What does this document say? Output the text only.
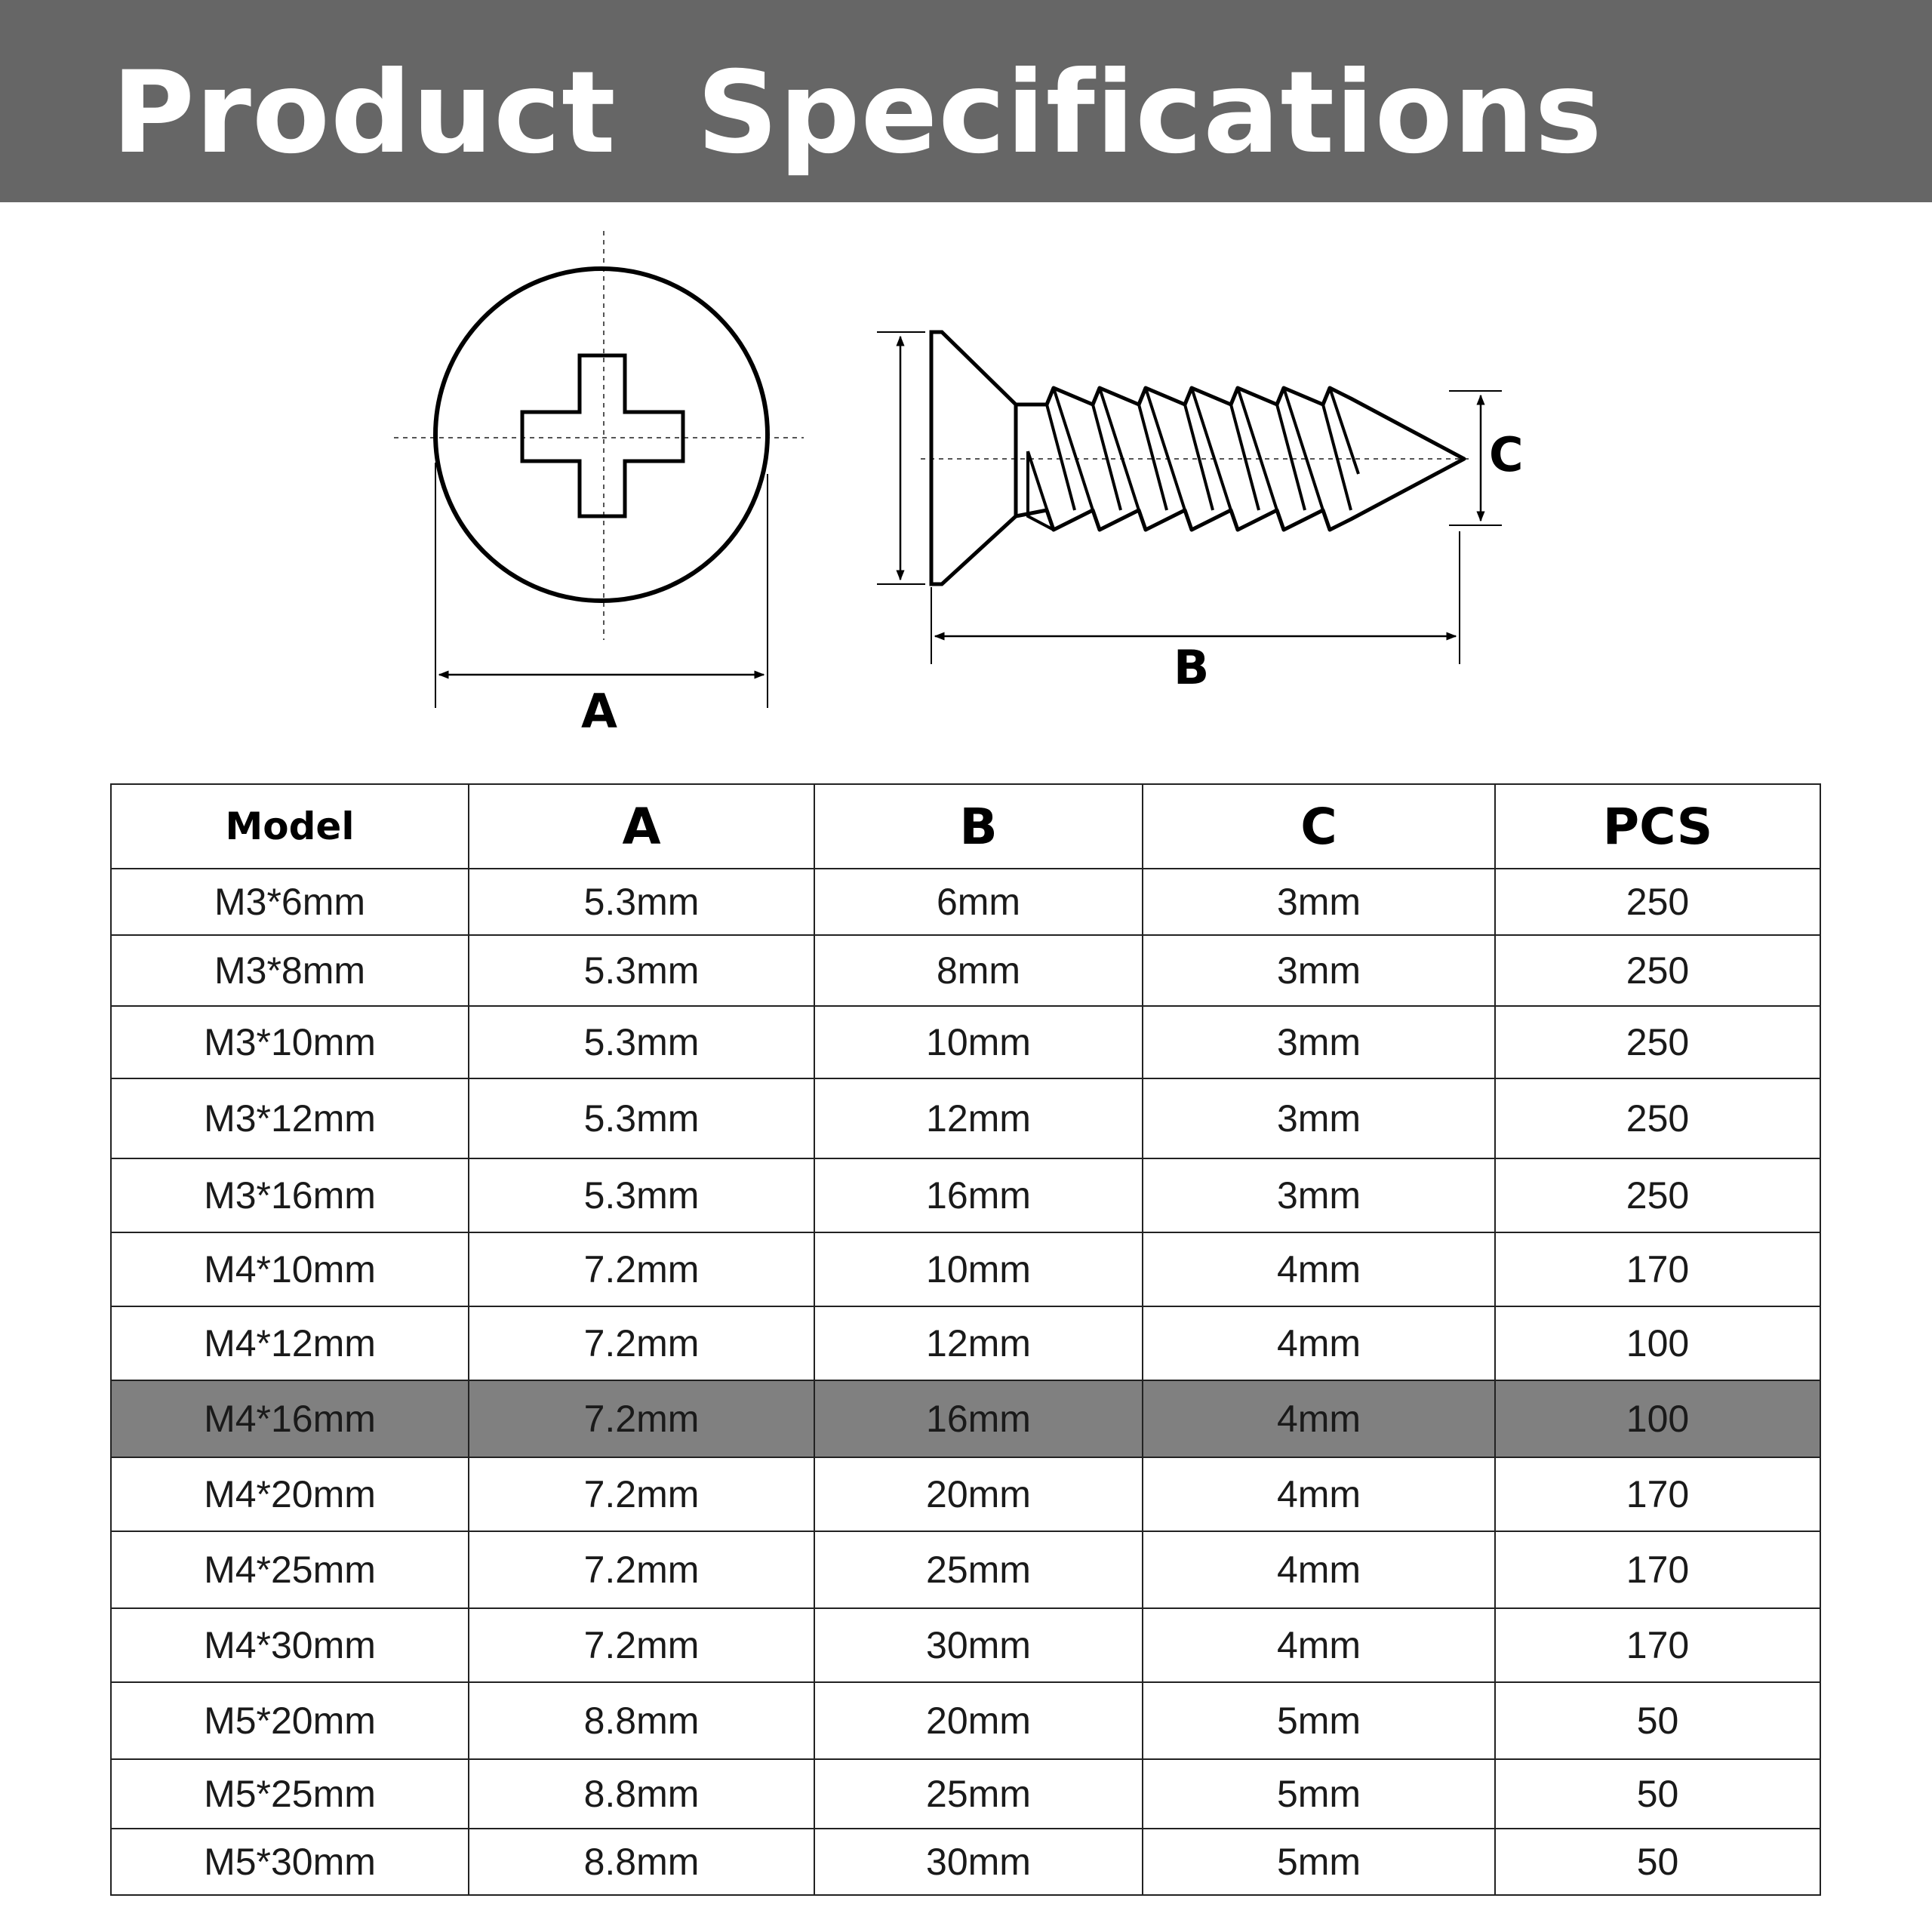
Product  Specifications
A
B
C
Model	A	B	C	PCS
M3*6mm	5.3mm	6mm	3mm	250
M3*8mm	5.3mm	8mm	3mm	250
M3*10mm	5.3mm	10mm	3mm	250
M3*12mm	5.3mm	12mm	3mm	250
M3*16mm	5.3mm	16mm	3mm	250
M4*10mm	7.2mm	10mm	4mm	170
M4*12mm	7.2mm	12mm	4mm	100
M4*16mm	7.2mm	16mm	4mm	100
M4*20mm	7.2mm	20mm	4mm	170
M4*25mm	7.2mm	25mm	4mm	170
M4*30mm	7.2mm	30mm	4mm	170
M5*20mm	8.8mm	20mm	5mm	50
M5*25mm	8.8mm	25mm	5mm	50
M5*30mm	8.8mm	30mm	5mm	50
